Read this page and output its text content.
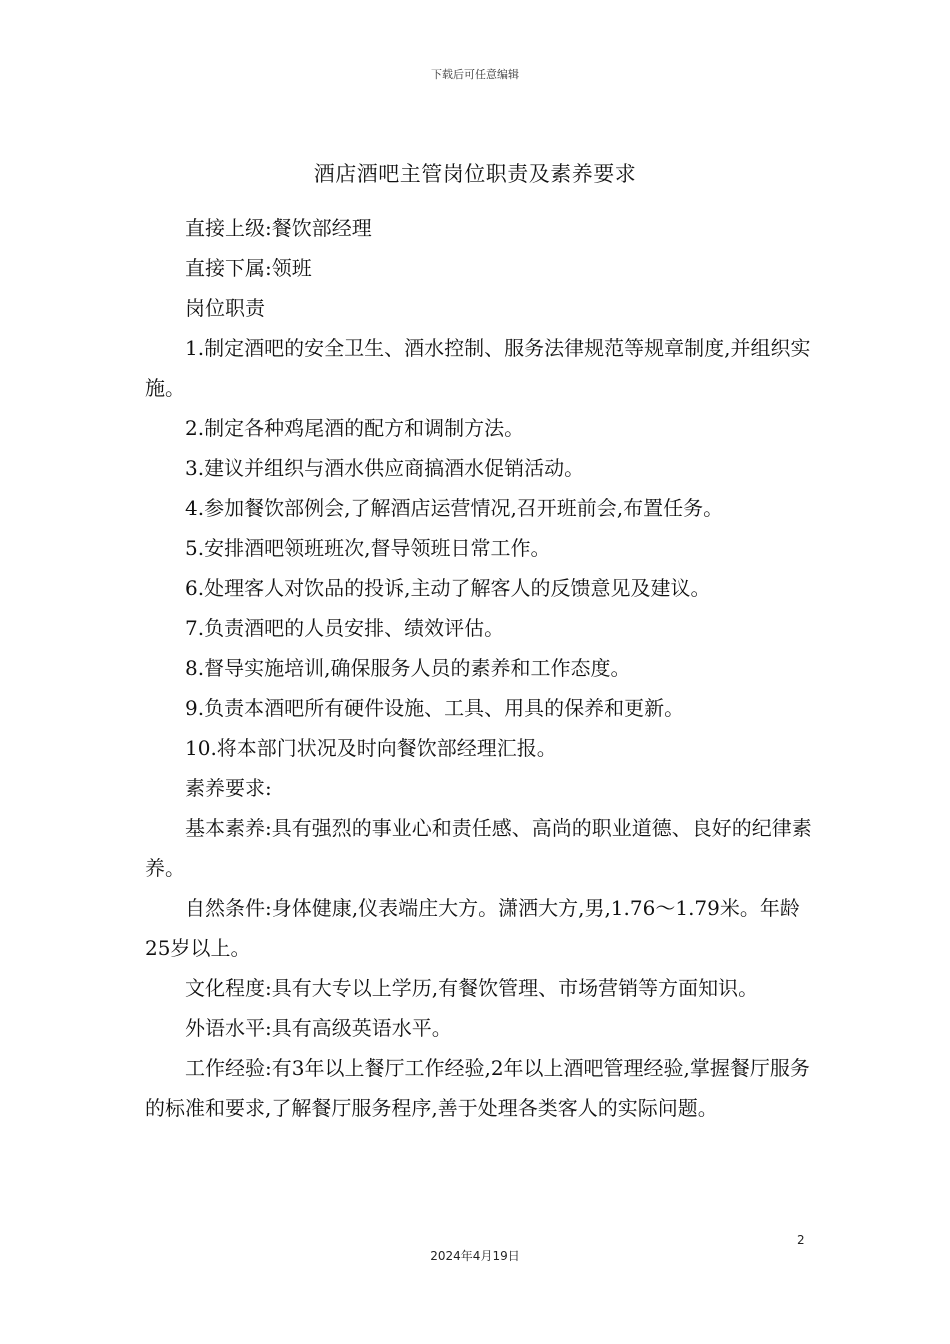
下载后可任意编辑
酒店酒吧主管岗位职责及素养要求

直接上级:餐饮部经理

直接下属:领班

岗位职责

1.制定酒吧的安全卫生、酒水控制、服务法律规范等规章制度,并组织实施。

2.制定各种鸡尾酒的配方和调制方法。

3.建议并组织与酒水供应商搞酒水促销活动。

4.参加餐饮部例会,了解酒店运营情况,召开班前会,布置任务。

5.安排酒吧领班班次,督导领班日常工作。

6.处理客人对饮品的投诉,主动了解客人的反馈意见及建议。

7.负责酒吧的人员安排、绩效评估。

8.督导实施培训,确保服务人员的素养和工作态度。

9.负责本酒吧所有硬件设施、工具、用具的保养和更新。

10.将本部门状况及时向餐饮部经理汇报。

素养要求:

基本素养:具有强烈的事业心和责任感、高尚的职业道德、良好的纪律素养。

自然条件:身体健康,仪表端庄大方。潇洒大方,男,1.76～1.79米。年龄25岁以上。

文化程度:具有大专以上学历,有餐饮管理、市场营销等方面知识。

外语水平:具有高级英语水平。

工作经验:有3年以上餐厅工作经验,2年以上酒吧管理经验,掌握餐厅服务的标准和要求,了解餐厅服务程序,善于处理各类客人的实际问题。

2
2024年4月19日
